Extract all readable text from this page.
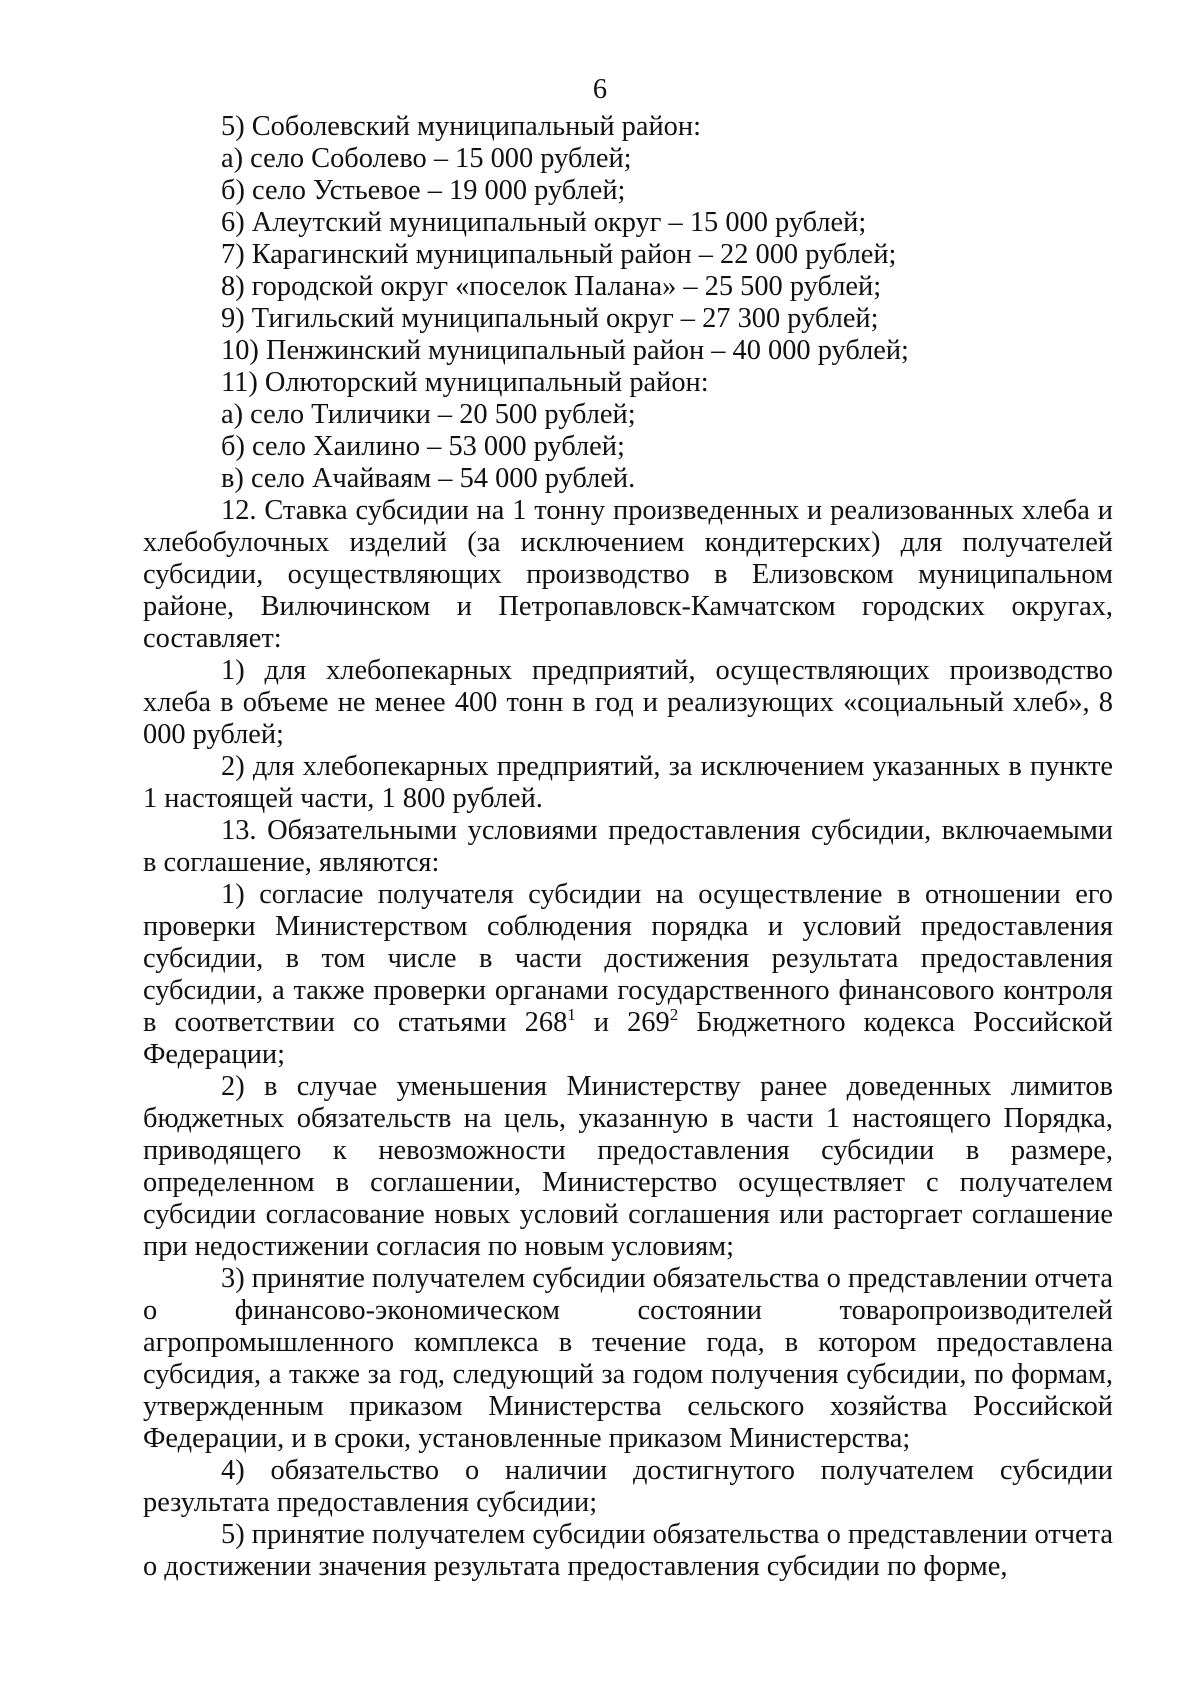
6
5) Соболевский муниципальный район:
а) село Соболево – 15 000 рублей;
б) село Устьевое – 19 000 рублей;
6) Алеутский муниципальный округ – 15 000 рублей;
7) Карагинский муниципальный район – 22 000 рублей;
8) городской округ «поселок Палана» – 25 500 рублей;
9) Тигильский муниципальный округ – 27 300 рублей;
10) Пенжинский муниципальный район – 40 000 рублей;
11) Олюторский муниципальный район:
а) село Тиличики – 20 500 рублей;
б) село Хаилино – 53 000 рублей;
в) село Ачайваям – 54 000 рублей.
12. Ставка субсидии на 1 тонну произведенных и реализованных хлеба и хлебобулочных изделий (за исключением кондитерских) для получателей субсидии, осуществляющих производство в Елизовском муниципальном районе, Вилючинском и Петропавловск-Камчатском городских округах, составляет:
1) для хлебопекарных предприятий, осуществляющих производство хлеба в объеме не менее 400 тонн в год и реализующих «социальный хлеб», 8 000 рублей;
2) для хлебопекарных предприятий, за исключением указанных в пункте 1 настоящей части, 1 800 рублей.
13. Обязательными условиями предоставления субсидии, включаемыми в соглашение, являются:
1) согласие получателя субсидии на осуществление в отношении его проверки Министерством соблюдения порядка и условий предоставления субсидии, в том числе в части достижения результата предоставления субсидии, а также проверки органами государственного финансового контроля в соответствии со статьями $268^1$ и $269^2$ Бюджетного кодекса Российской Федерации;
2) в случае уменьшения Министерству ранее доведенных лимитов бюджетных обязательств на цель, указанную в части 1 настоящего Порядка, приводящего к невозможности предоставления субсидии в размере, определенном в соглашении, Министерство осуществляет с получателем субсидии согласование новых условий соглашения или расторгает соглашение при недостижении согласия по новым условиям;
3) принятие получателем субсидии обязательства о представлении отчета о финансово-экономическом состоянии товаропроизводителей агропромышленного комплекса в течение года, в котором предоставлена субсидия, а также за год, следующий за годом получения субсидии, по формам, утвержденным приказом Министерства сельского хозяйства Российской Федерации, и в сроки, установленные приказом Министерства;
4) обязательство о наличии достигнутого получателем субсидии результата предоставления субсидии;
5) принятие получателем субсидии обязательства о представлении отчета о достижении значения результата предоставления субсидии по форме,
